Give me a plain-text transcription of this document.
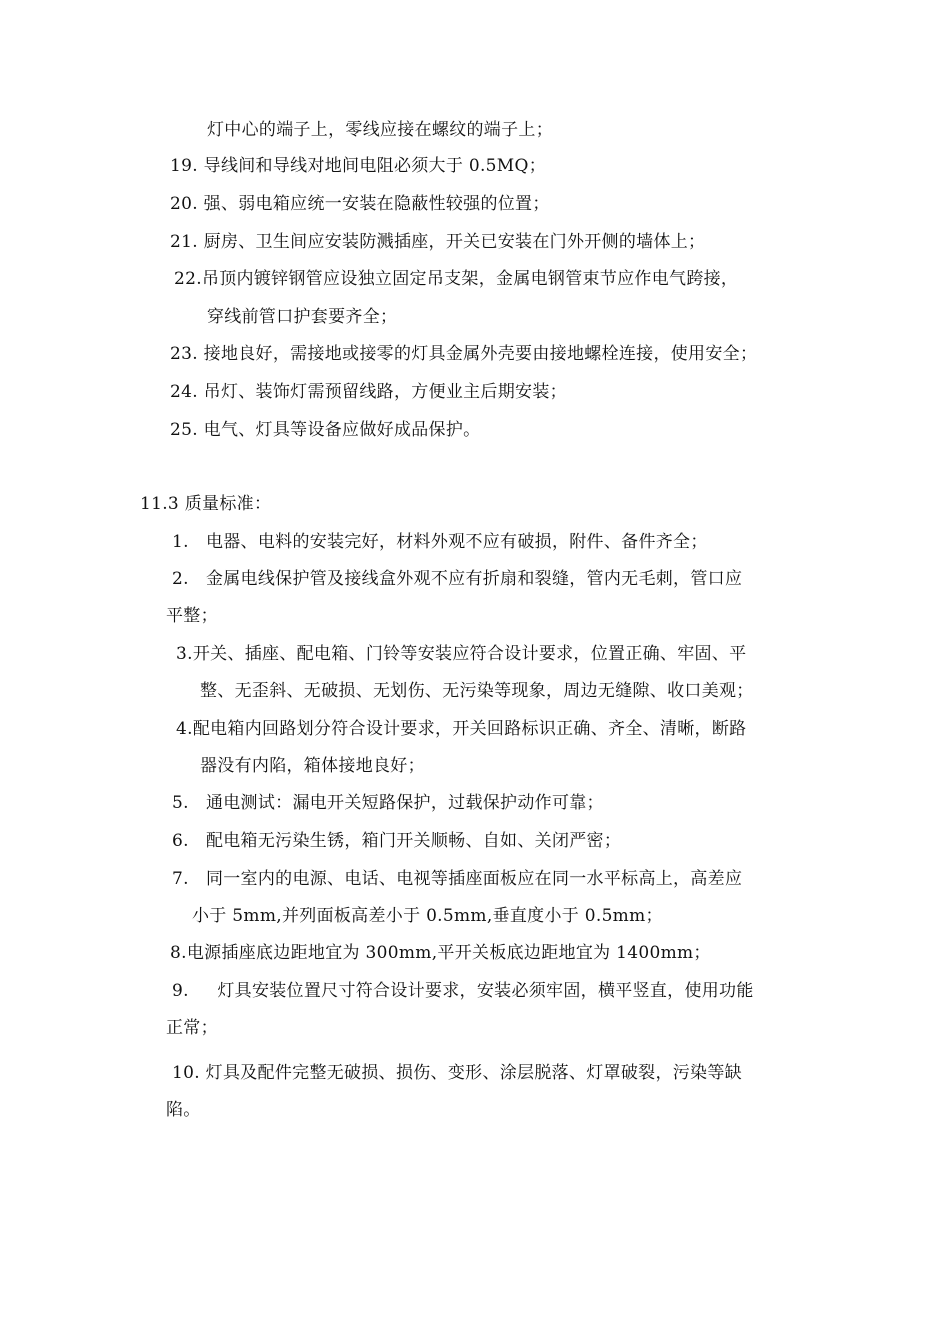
灯中心的端子上，零线应接在螺纹的端子上；
19. 导线间和导线对地间电阻必须大于 0.5MQ；
20. 强、弱电箱应统一安装在隐蔽性较强的位置；
21. 厨房、卫生间应安装防溅插座，开关已安装在门外开侧的墙体上；
22.吊顶内镀锌钢管应设独立固定吊支架，金属电钢管束节应作电气跨接，
穿线前管口护套要齐全；
23. 接地良好，需接地或接零的灯具金属外壳要由接地螺栓连接，使用安全；
24. 吊灯、装饰灯需预留线路，方便业主后期安装；
25. 电气、灯具等设备应做好成品保护。
11.3 质量标准：
1. 电器、电料的安装完好，材料外观不应有破损，附件、备件齐全；
2. 金属电线保护管及接线盒外观不应有折扇和裂缝，管内无毛刺，管口应
平整；
3.开关、插座、配电箱、门铃等安装应符合设计要求，位置正确、牢固、平
整、无歪斜、无破损、无划伤、无污染等现象，周边无缝隙、收口美观；
4.配电箱内回路划分符合设计要求，开关回路标识正确、齐全、清晰，断路
器没有内陷，箱体接地良好；
5. 通电测试：漏电开关短路保护，过载保护动作可靠；
6. 配电箱无污染生锈，箱门开关顺畅、自如、关闭严密；
7. 同一室内的电源、电话、电视等插座面板应在同一水平标高上，高差应
小于 5mm,并列面板高差小于 0.5mm,垂直度小于 0.5mm；
8.电源插座底边距地宜为 300mm,平开关板底边距地宜为 1400mm；
9. 灯具安装位置尺寸符合设计要求，安装必须牢固，横平竖直，使用功能
正常；
10. 灯具及配件完整无破损、损伤、变形、涂层脱落、灯罩破裂，污染等缺
陷。
